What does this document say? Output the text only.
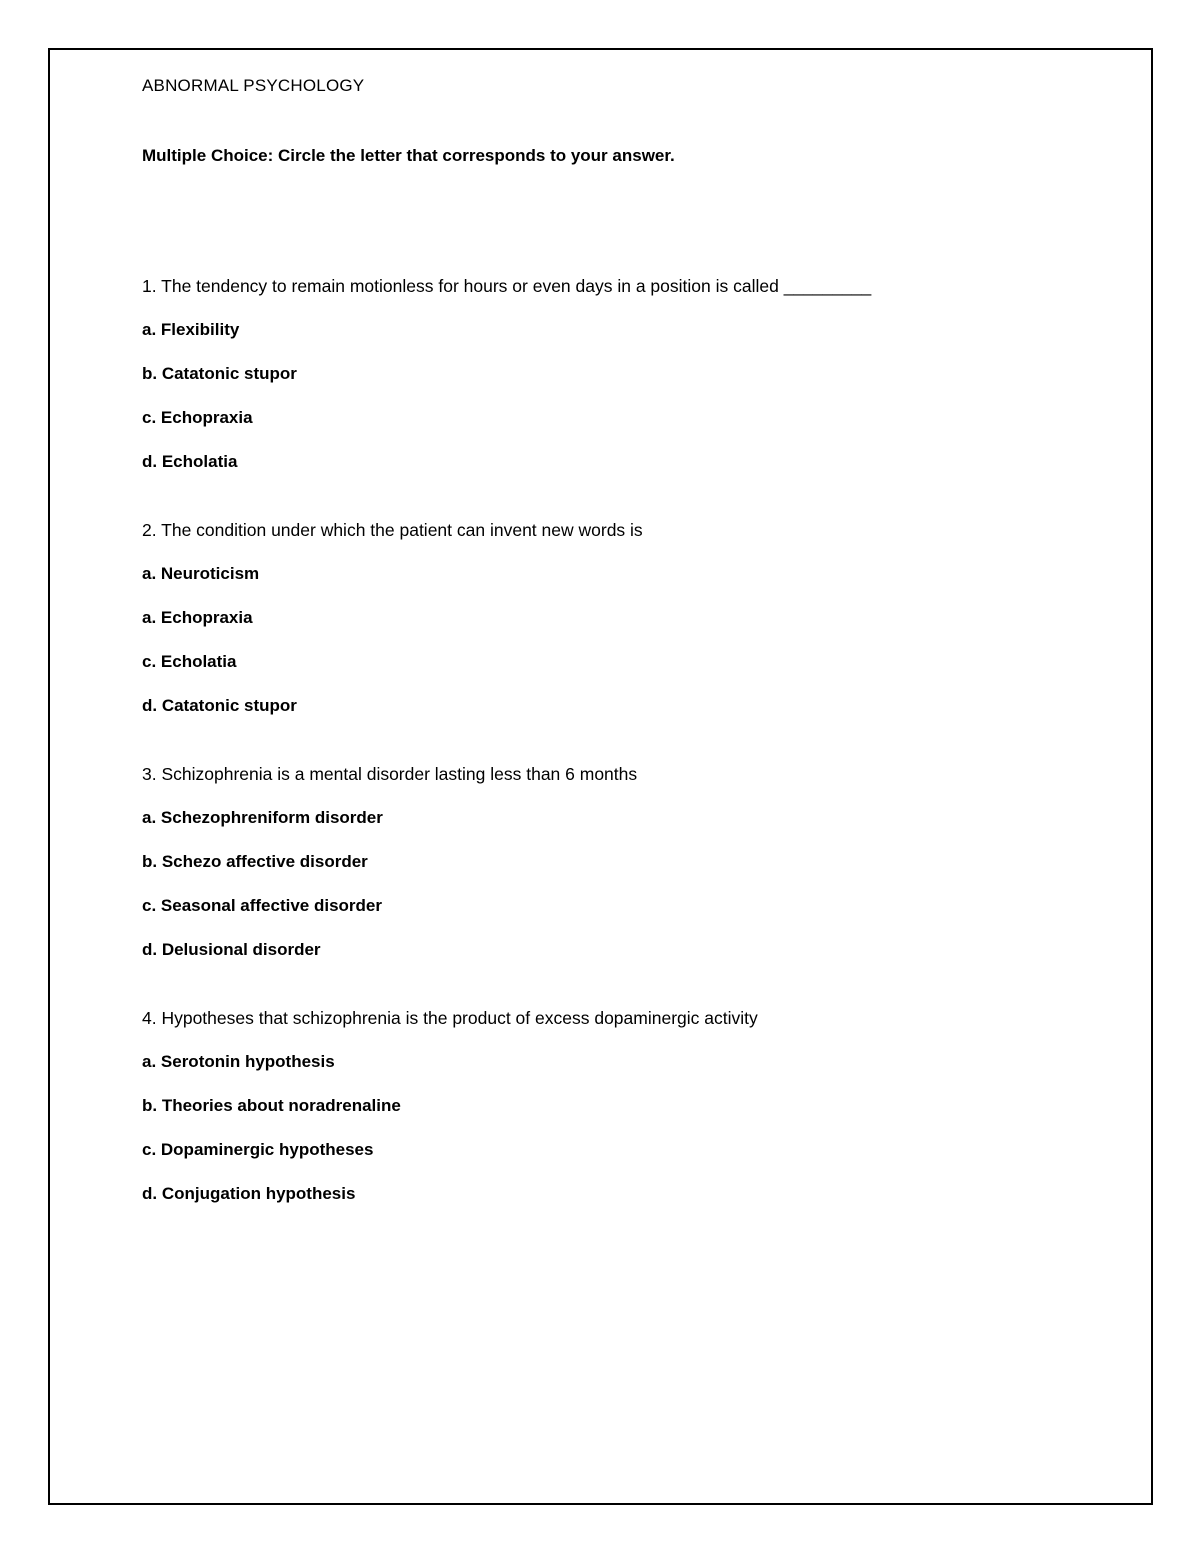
ABNORMAL PSYCHOLOGY

Multiple Choice: Circle the letter that corresponds to your answer.

1. The tendency to remain motionless for hours or even days in a position is called _________
a. Flexibility
b. Catatonic stupor
c. Echopraxia
d. Echolatia
2. The condition under which the patient can invent new words is
a. Neuroticism
a. Echopraxia
c. Echolatia
d. Catatonic stupor
3. Schizophrenia is a mental disorder lasting less than 6 months
a. Schezophreniform disorder
b. Schezo affective disorder
c. Seasonal affective disorder
d. Delusional disorder
4. Hypotheses that schizophrenia is the product of excess dopaminergic activity
a. Serotonin hypothesis
b. Theories about noradrenaline
c. Dopaminergic hypotheses
d. Conjugation hypothesis
